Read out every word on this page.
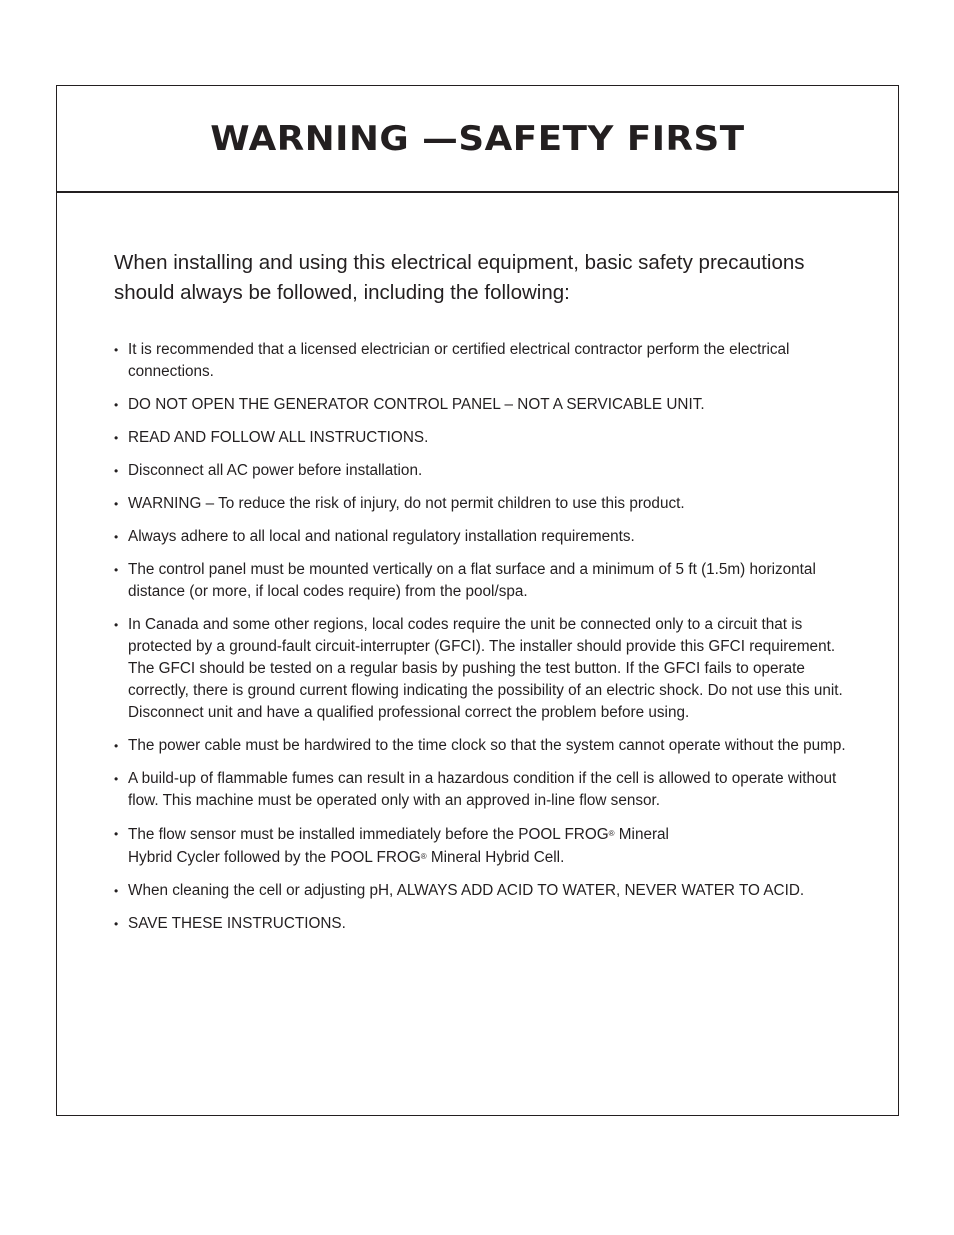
WARNING —SAFETY FIRST

When installing and using this electrical equipment, basic safety precautions should always be followed, including the following:

• It is recommended that a licensed electrician or certified electrical contractor perform the electrical connections.
• DO NOT OPEN THE GENERATOR CONTROL PANEL – NOT A SERVICABLE UNIT.
• READ AND FOLLOW ALL INSTRUCTIONS.
• Disconnect all AC power before installation.
• WARNING – To reduce the risk of injury, do not permit children to use this product.
• Always adhere to all local and national regulatory installation requirements.
• The control panel must be mounted vertically on a flat surface and a minimum of 5 ft (1.5m) horizontal distance (or more, if local codes require) from the pool/spa.
• In Canada and some other regions, local codes require the unit be connected only to a circuit that is protected by a ground-fault circuit-interrupter (GFCI). The installer should provide this GFCI requirement. The GFCI should be tested on a regular basis by pushing the test button. If the GFCI fails to operate correctly, there is ground current flowing indicating the possibility of an electric shock. Do not use this unit. Disconnect unit and have a qualified professional correct the problem before using.
• The power cable must be hardwired to the time clock so that the system cannot operate without the pump.
• A build-up of flammable fumes can result in a hazardous condition if the cell is allowed to operate without flow. This machine must be operated only with an approved in-line flow sensor.
• The flow sensor must be installed immediately before the POOL FROG® Mineral
Hybrid Cycler followed by the POOL FROG® Mineral Hybrid Cell.
• When cleaning the cell or adjusting pH, ALWAYS ADD ACID TO WATER, NEVER WATER TO ACID.
• SAVE THESE INSTRUCTIONS.
